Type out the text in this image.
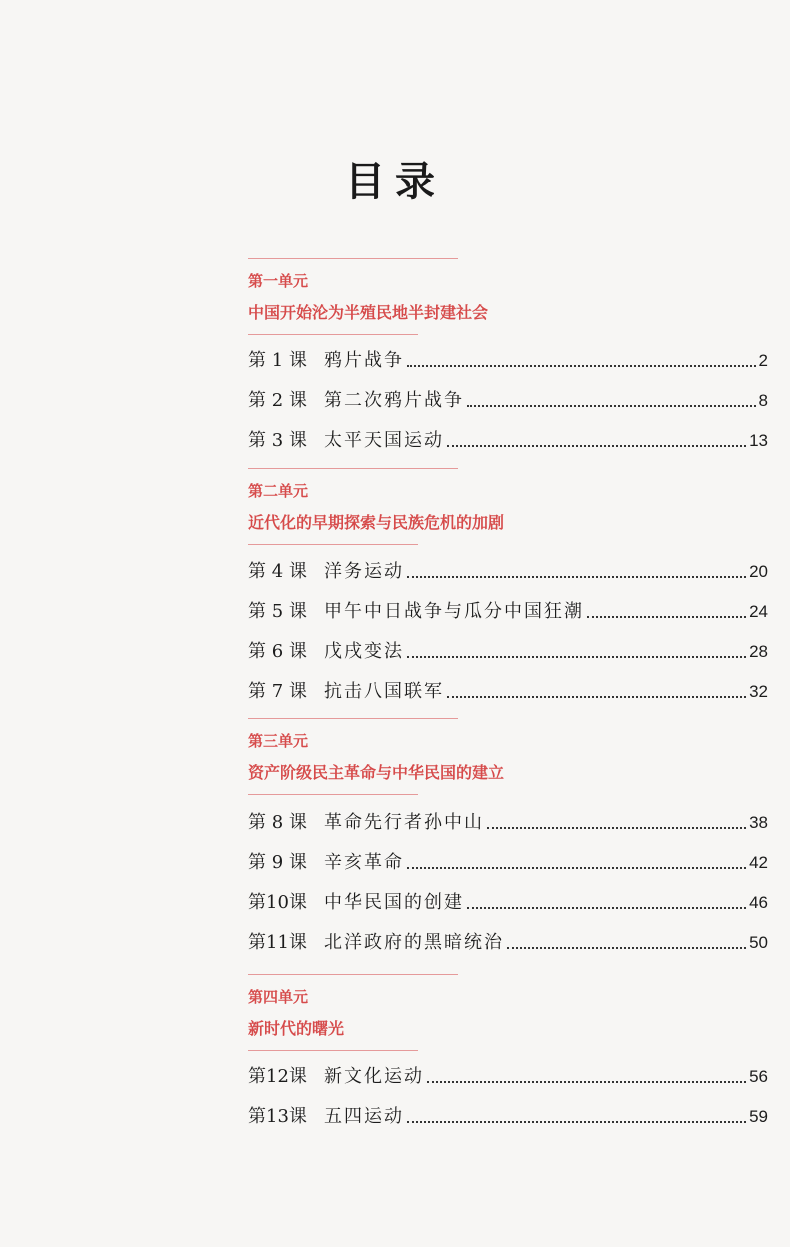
目录
第一单元
中国开始沦为半殖民地半封建社会
第 1 课 鸦片战争	2
第 2 课 第二次鸦片战争	8
第 3 课 太平天国运动	13
第二单元
近代化的早期探索与民族危机的加剧
第 4 课 洋务运动	20
第 5 课 甲午中日战争与瓜分中国狂潮	24
第 6 课 戊戌变法	28
第 7 课 抗击八国联军	32
第三单元
资产阶级民主革命与中华民国的建立
第 8 课 革命先行者孙中山	38
第 9 课 辛亥革命	42
第10课 中华民国的创建	46
第11课 北洋政府的黑暗统治	50
第四单元
新时代的曙光
第12课 新文化运动	56
第13课 五四运动	59
